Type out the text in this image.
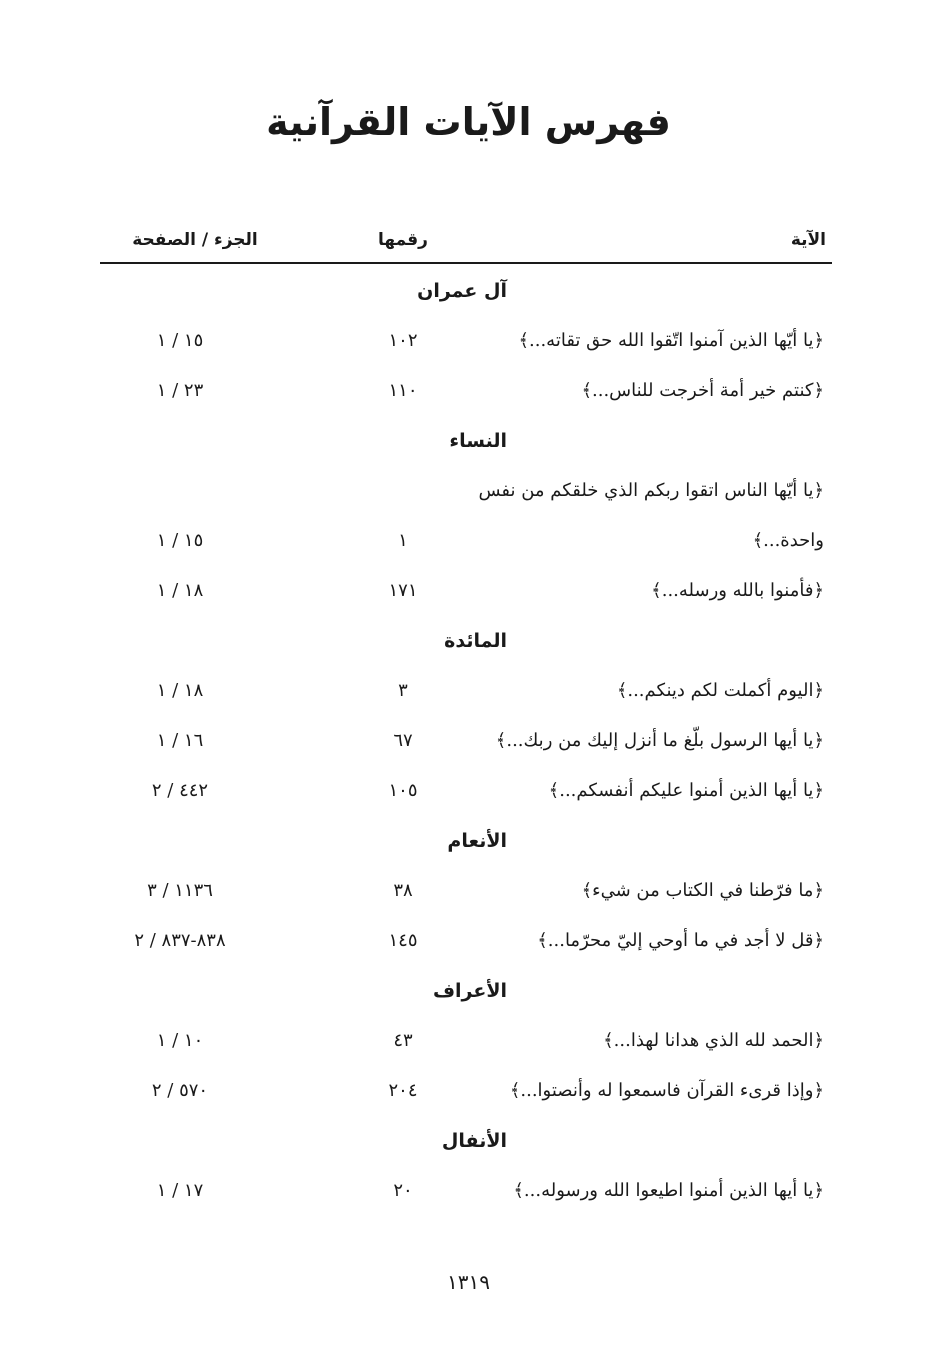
فهرس الآيات القرآنية
الآية
رقمها
الجزء / الصفحة
آل عمران
﴿يا أيّها الذين آمنوا اتّقوا الله حق تقاته...﴾
١٠٢
١٥ / ١
﴿كنتم خير أمة أخرجت للناس...﴾
١١٠
٢٣ / ١
النساء
﴿يا أيّها الناس اتقوا ربكم الذي خلقكم من نفس
واحدة...﴾
١
١٥ / ١
﴿فأمنوا بالله ورسله...﴾
١٧١
١٨ / ١
المائدة
﴿اليوم أكملت لكم دينكم...﴾
٣
١٨ / ١
﴿يا أيها الرسول بلّغ ما أنزل إليك من ربك...﴾
٦٧
١٦ / ١
﴿يا أيها الذين أمنوا عليكم أنفسكم...﴾
١٠٥
٤٤٢ / ٢
الأنعام
﴿ما فرّطنا في الكتاب من شيء﴾
٣٨
١١٣٦ / ٣
﴿قل لا أجد في ما أوحي إليّ محرّما...﴾
١٤٥
٨٣٨-٨٣٧ / ٢
الأعراف
﴿الحمد لله الذي هدانا لهذا...﴾
٤٣
١٠ / ١
﴿وإذا قرىء القرآن فاسمعوا له وأنصتوا...﴾
٢٠٤
٥٧٠ / ٢
الأنفال
﴿يا أيها الذين أمنوا اطيعوا الله ورسوله...﴾
٢٠
١٧ / ١
١٣١٩
